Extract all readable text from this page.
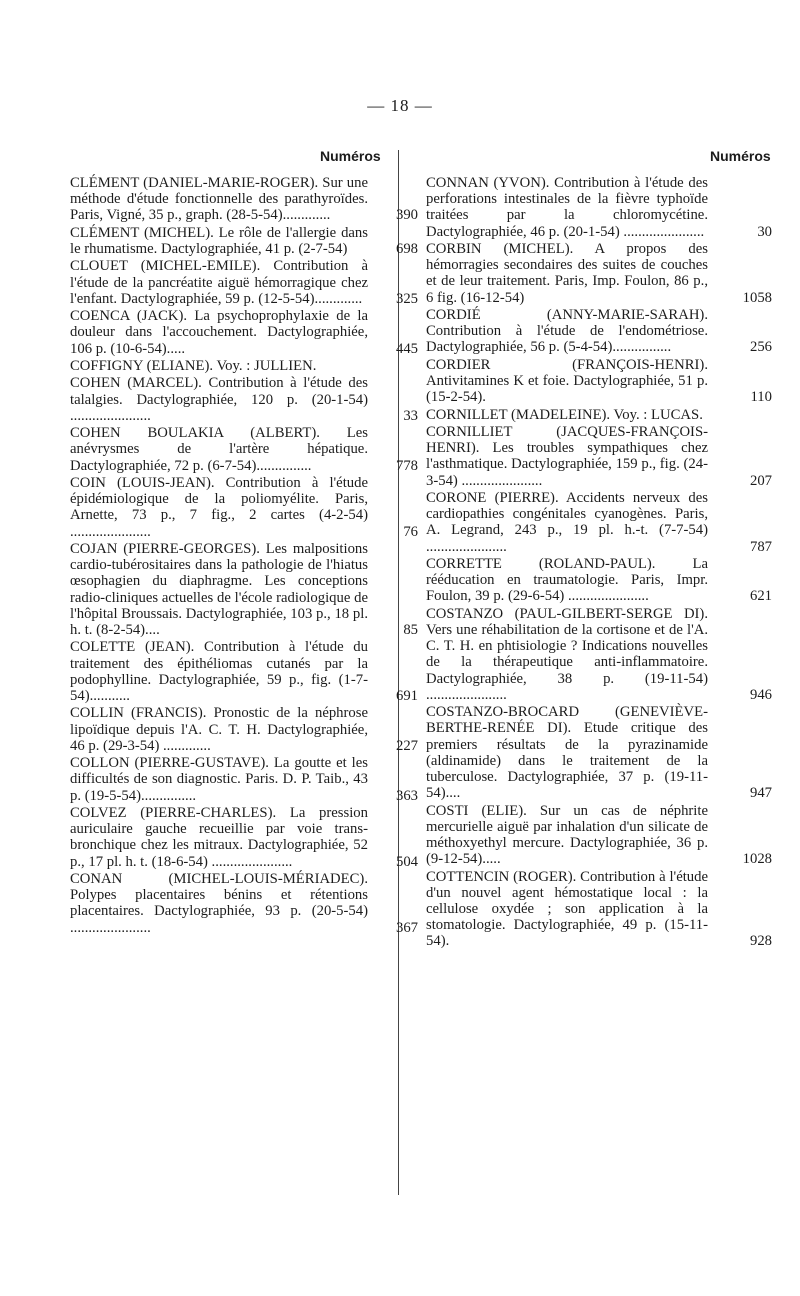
— 18 —
Numéros	Numéros
CLÉMENT (DANIEL-MARIE-ROGER). Sur une méthode d'étude fonctionnelle des parathyroïdes. Paris, Vigné, 35 p., graph. (28-5-54).............	390
CLÉMENT (MICHEL). Le rôle de l'allergie dans le rhumatisme. Dactylographiée, 41 p. (2-7-54)	698
CLOUET (MICHEL-EMILE). Contribution à l'étude de la pancréatite aiguë hémorragique chez l'enfant. Dactylographiée, 59 p. (12-5-54).............	325
COENCA (JACK). La psychoprophylaxie de la douleur dans l'accouchement. Dactylographiée, 106 p. (10-6-54).....	445
COFFIGNY (ELIANE). Voy. : JULLIEN.
COHEN (MARCEL). Contribution à l'étude des talalgies. Dactylographiée, 120 p. (20-1-54) ......................	33
COHEN BOULAKIA (ALBERT). Les anévrysmes de l'artère hépatique. Dactylographiée, 72 p. (6-7-54)...............	778
COIN (LOUIS-JEAN). Contribution à l'étude épidémiologique de la poliomyélite. Paris, Arnette, 73 p., 7 fig., 2 cartes (4-2-54) ......................	76
COJAN (PIERRE-GEORGES). Les malpositions cardio-tubérositaires dans la pathologie de l'hiatus œsophagien du diaphragme. Les conceptions radio-cliniques actuelles de l'école radiologique de l'hôpital Broussais. Dactylographiée, 103 p., 18 pl. h. t. (8-2-54)....	85
COLETTE (JEAN). Contribution à l'étude du traitement des épithéliomas cutanés par la podophylline. Dactylographiée, 59 p., fig. (1-7-54)...........	691
COLLIN (FRANCIS). Pronostic de la néphrose lipoïdique depuis l'A. C. T. H. Dactylographiée, 46 p. (29-3-54) .............	227
COLLON (PIERRE-GUSTAVE). La goutte et les difficultés de son diagnostic. Paris. D. P. Taib., 43 p. (19-5-54)...............	363
COLVEZ (PIERRE-CHARLES). La pression auriculaire gauche recueillie par voie trans-bronchique chez les mitraux. Dactylographiée, 52 p., 17 pl. h. t. (18-6-54) ......................	504
CONAN (MICHEL-LOUIS-MÉRIADEC). Polypes placentaires bénins et rétentions placentaires. Dactylographiée, 93 p. (20-5-54) ......................	367
CONNAN (YVON). Contribution à l'étude des perforations intestinales de la fièvre typhoïde traitées par la chloromycétine. Dactylographiée, 46 p. (20-1-54) ......................	30
CORBIN (MICHEL). A propos des hémorragies secondaires des suites de couches et de leur traitement. Paris, Imp. Foulon, 86 p., 6 fig. (16-12-54)	1058
CORDIÉ (ANNY-MARIE-SARAH). Contribution à l'étude de l'endométriose. Dactylographiée, 56 p. (5-4-54)................	256
CORDIER (FRANÇOIS-HENRI). Antivitamines K et foie. Dactylographiée, 51 p. (15-2-54).	110
CORNILLET (MADELEINE). Voy. : LUCAS.
CORNILLIET (JACQUES-FRANÇOIS-HENRI). Les troubles sympathiques chez l'asthmatique. Dactylographiée, 159 p., fig. (24-3-54) ......................	207
CORONE (PIERRE). Accidents nerveux des cardiopathies congénitales cyanogènes. Paris, A. Legrand, 243 p., 19 pl. h.-t. (7-7-54) ......................	787
CORRETTE (ROLAND-PAUL). La rééducation en traumatologie. Paris, Impr. Foulon, 39 p. (29-6-54) ......................	621
COSTANZO (PAUL-GILBERT-SERGE DI). Vers une réhabilitation de la cortisone et de l'A. C. T. H. en phtisiologie ? Indications nouvelles de la thérapeutique anti-inflammatoire. Dactylographiée, 38 p. (19-11-54) ......................	946
COSTANZO-BROCARD (GENEVIÈVE-BERTHE-RENÉE DI). Etude critique des premiers résultats de la pyrazinamide (aldinamide) dans le traitement de la tuberculose. Dactylographiée, 37 p. (19-11-54)....	947
COSTI (ELIE). Sur un cas de néphrite mercurielle aiguë par inhalation d'un silicate de méthoxyethyl mercure. Dactylographiée, 36 p. (9-12-54).....	1028
COTTENCIN (ROGER). Contribution à l'étude d'un nouvel agent hémostatique local : la cellulose oxydée ; son application à la stomatologie. Dactylographiée, 49 p. (15-11-54).	928
